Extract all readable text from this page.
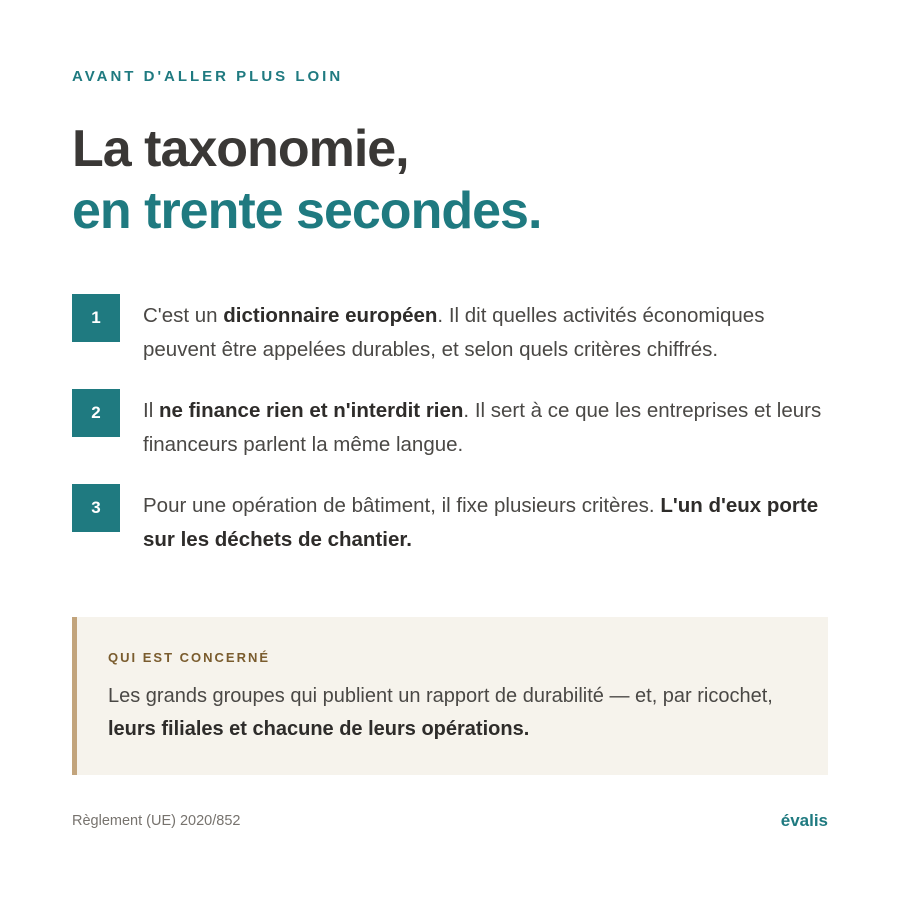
AVANT D'ALLER PLUS LOIN
La taxonomie,
en trente secondes.
1	C'est un dictionnaire européen. Il dit quelles activités économiques peuvent être appelées durables, et selon quels critères chiffrés.
2	Il ne finance rien et n'interdit rien. Il sert à ce que les entreprises et leurs financeurs parlent la même langue.
3	Pour une opération de bâtiment, il fixe plusieurs critères. L'un d'eux porte sur les déchets de chantier.
QUI EST CONCERNÉ
Les grands groupes qui publient un rapport de durabilité — et, par ricochet, leurs filiales et chacune de leurs opérations.
Règlement (UE) 2020/852	évalis
